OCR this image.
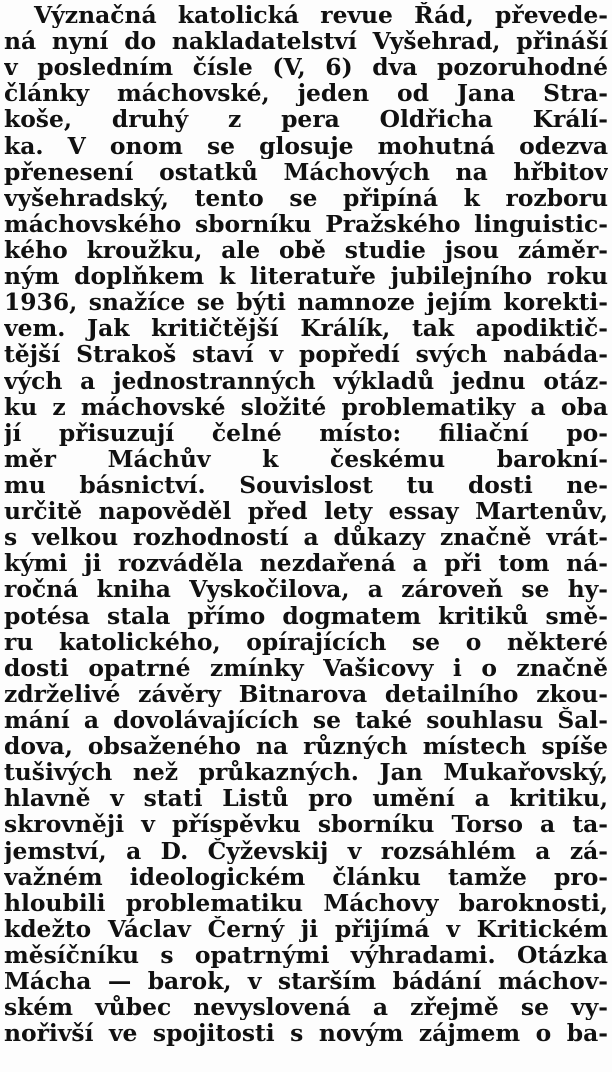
Význačná katolická revue Řád, převede-
ná nyní do nakladatelství Vyšehrad, přináší
v posledním čísle (V, 6) dva pozoruhodné
články máchovské, jeden od Jana Stra-
koše, druhý z pera Oldřicha Králí-
ka. V onom se glosuje mohutná odezva
přenesení ostatků Máchových na hřbitov
vyšehradský, tento se připíná k rozboru
máchovského sborníku Pražského linguistic-
kého kroužku, ale obě studie jsou záměr-
ným doplňkem k literatuře jubilejního roku
1936, snažíce se býti namnoze jejím korekti-
vem. Jak kritičtější Králík, tak apodiktič-
tější Strakoš staví v popředí svých nabáda-
vých a jednostranných výkladů jednu otáz-
ku z máchovské složité problematiky a oba
jí přisuzují čelné místo: filiační po-
měr Máchův k českému barokní-
mu básnictví. Souvislost tu dosti ne-
určitě napověděl před lety essay Martenův,
s velkou rozhodností a důkazy značně vrát-
kými ji rozváděla nezdařená a při tom ná-
ročná kniha Vyskočilova, a zároveň se hy-
potésa stala přímo dogmatem kritiků smě-
ru katolického, opírajících se o některé
dosti opatrné zmínky Vašicovy i o značně
zdrželivé závěry Bitnarova detailního zkou-
mání a dovolávajících se také souhlasu Šal-
dova, obsaženého na různých místech spíše
tušivých než průkazných. Jan Mukařovský,
hlavně v stati Listů pro umění a kritiku,
skrovněji v příspěvku sborníku Torso a ta-
jemství, a D. Čyževskij v rozsáhlém a zá-
važném ideologickém článku tamže pro-
hloubili problematiku Máchovy baroknosti,
kdežto Václav Černý ji přijímá v Kritickém
měsíčníku s opatrnými výhradami. Otázka
Mácha — barok, v starším bádání máchov-
ském vůbec nevyslovená a zřejmě se vy-
nořivší ve spojitosti s novým zájmem o ba-
